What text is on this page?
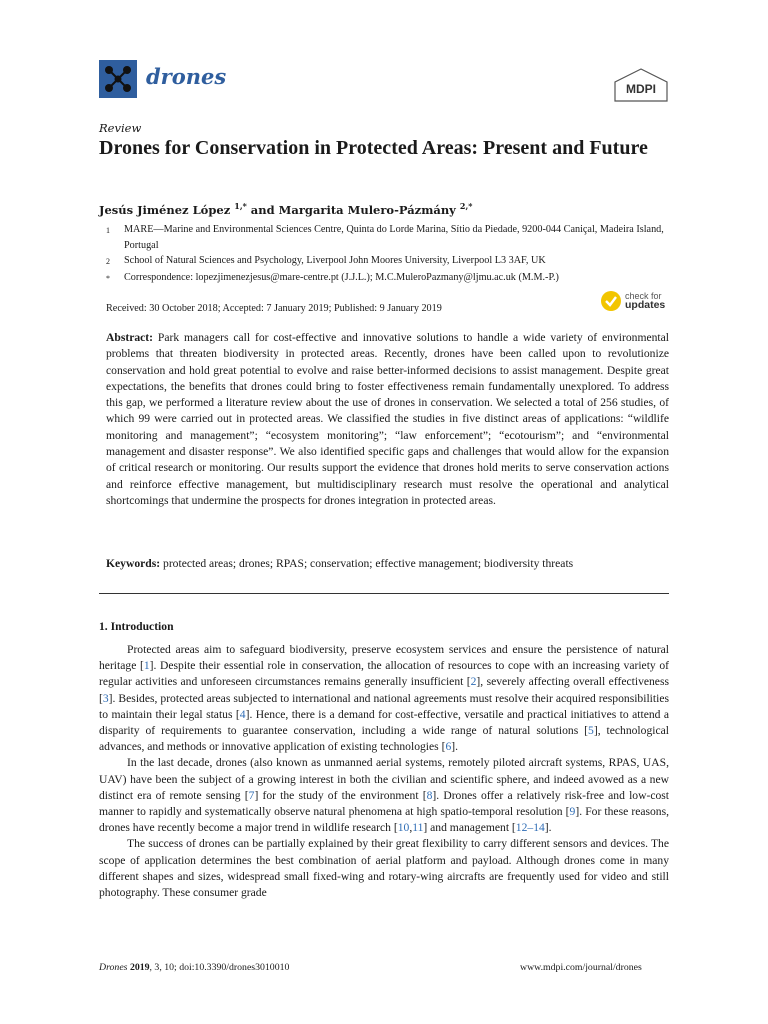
drones	MDPI
Review
Drones for Conservation in Protected Areas: Present and Future
Jesús Jiménez López $^{1,*}$ and Margarita Mulero-Pázmány $^{2,*}$
1	MARE—Marine and Environmental Sciences Centre, Quinta do Lorde Marina, Sítio da Piedade, 9200-044 Caniçal, Madeira Island, Portugal
2	School of Natural Sciences and Psychology, Liverpool John Moores University, Liverpool L3 3AF, UK
*	Correspondence: lopezjimenezjesus@mare-centre.pt (J.J.L.); M.C.MuleroPazmany@ljmu.ac.uk (M.M.-P.)
Received: 30 October 2018; Accepted: 7 January 2019; Published: 9 January 2019
check for
updates
Abstract: Park managers call for cost-effective and innovative solutions to handle a wide variety of environmental problems that threaten biodiversity in protected areas. Recently, drones have been called upon to revolutionize conservation and hold great potential to evolve and raise better-informed decisions to assist management. Despite great expectations, the benefits that drones could bring to foster effectiveness remain fundamentally unexplored. To address this gap, we performed a literature review about the use of drones in conservation. We selected a total of 256 studies, of which 99 were carried out in protected areas. We classified the studies in five distinct areas of applications: “wildlife monitoring and management”; “ecosystem monitoring”; “law enforcement”; “ecotourism”; and “environmental management and disaster response”. We also identified specific gaps and challenges that would allow for the expansion of critical research or monitoring. Our results support the evidence that drones hold merits to serve conservation actions and reinforce effective management, but multidisciplinary research must resolve the operational and analytical shortcomings that undermine the prospects for drones integration in protected areas.
Keywords: protected areas; drones; RPAS; conservation; effective management; biodiversity threats
1. Introduction

Protected areas aim to safeguard biodiversity, preserve ecosystem services and ensure the persistence of natural heritage [1]. Despite their essential role in conservation, the allocation of resources to cope with an increasing variety of regular activities and unforeseen circumstances remains generally insufficient [2], severely affecting overall effectiveness [3]. Besides, protected areas subjected to international and national agreements must resolve their acquired responsibilities to maintain their legal status [4]. Hence, there is a demand for cost-effective, versatile and practical initiatives to attend a disparity of requirements to guarantee conservation, including a wide range of natural solutions [5], technological advances, and methods or innovative application of existing technologies [6].

In the last decade, drones (also known as unmanned aerial systems, remotely piloted aircraft systems, RPAS, UAS, UAV) have been the subject of a growing interest in both the civilian and scientific sphere, and indeed avowed as a new distinct era of remote sensing [7] for the study of the environment [8]. Drones offer a relatively risk-free and low-cost manner to rapidly and systematically observe natural phenomena at high spatio-temporal resolution [9]. For these reasons, drones have recently become a major trend in wildlife research [10,11] and management [12–14].

The success of drones can be partially explained by their great flexibility to carry different sensors and devices. The scope of application determines the best combination of aerial platform and payload. Although drones come in many different shapes and sizes, widespread small fixed-wing and rotary-wing aircrafts are frequently used for video and still photography. These consumer grade

Drones 2019, 3, 10; doi:10.3390/drones3010010	www.mdpi.com/journal/drones
